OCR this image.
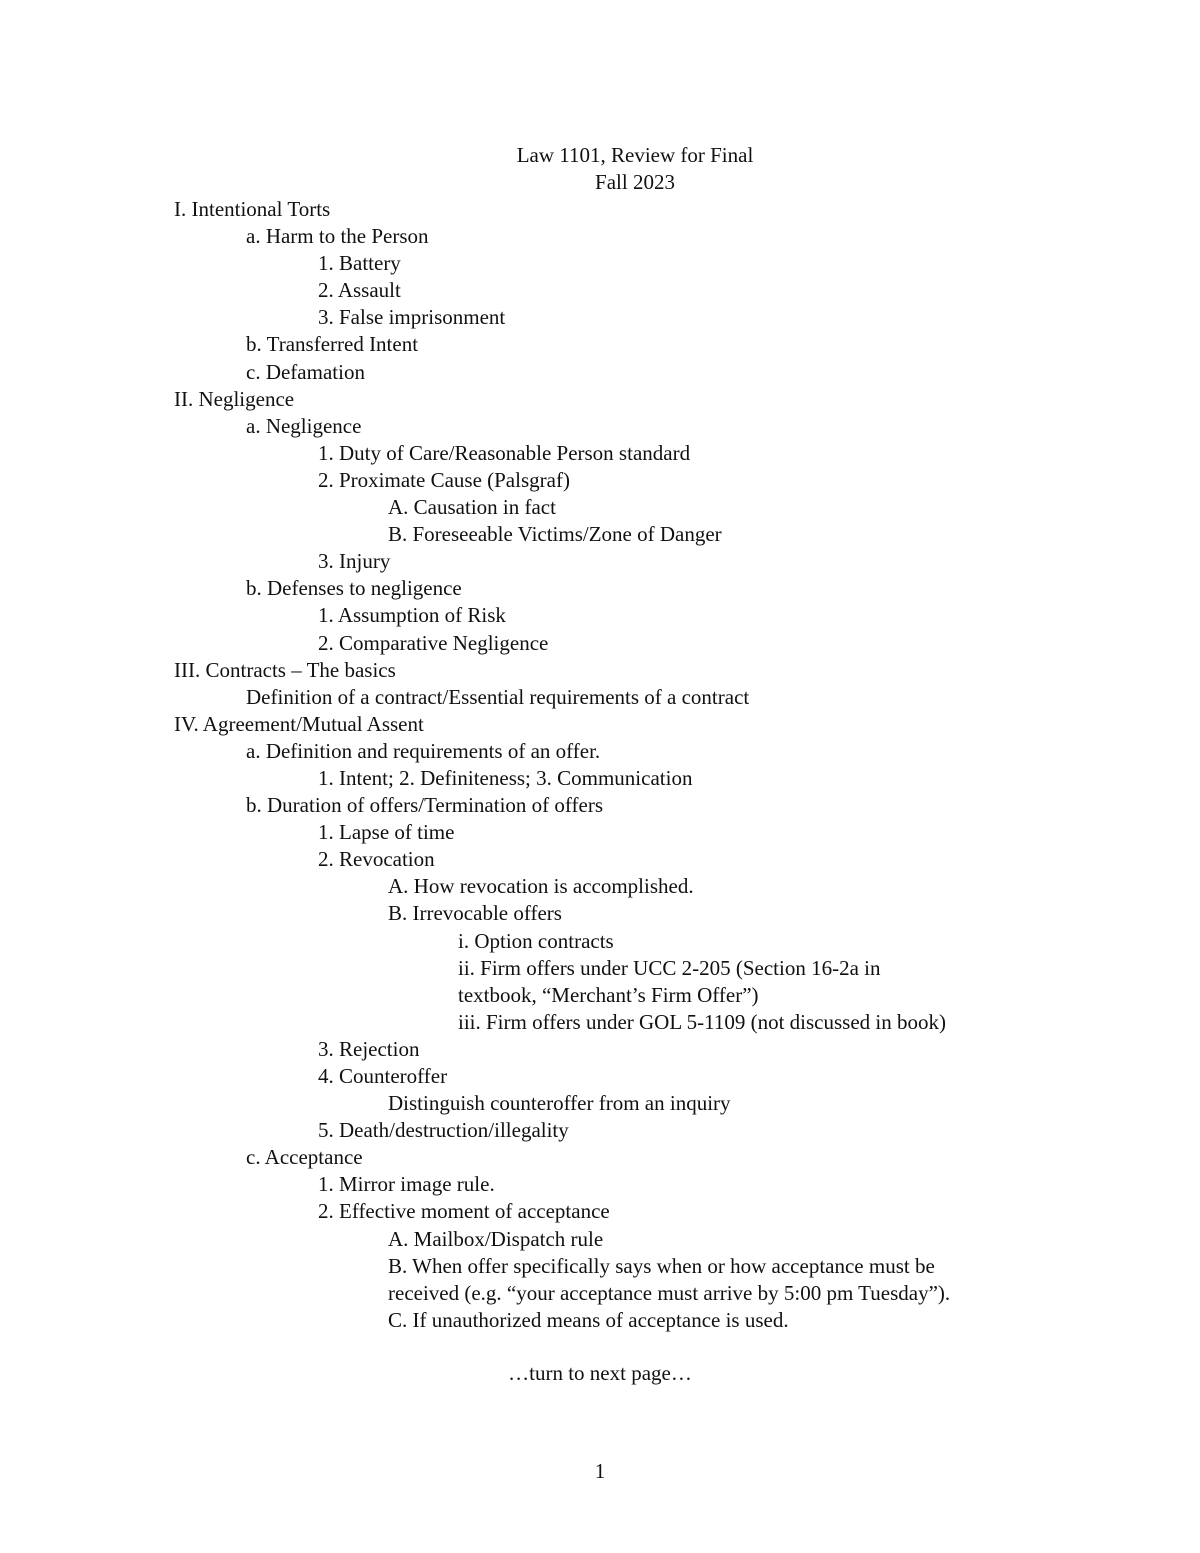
Law 1101, Review for Final
Fall 2023
I. Intentional Torts
a. Harm to the Person
1. Battery
2. Assault
3. False imprisonment
b. Transferred Intent
c. Defamation
II. Negligence
a. Negligence
1. Duty of Care/Reasonable Person standard
2. Proximate Cause (Palsgraf)
A. Causation in fact
B. Foreseeable Victims/Zone of Danger
3. Injury
b. Defenses to negligence
1. Assumption of Risk
2. Comparative Negligence
III. Contracts – The basics
Definition of a contract/Essential requirements of a contract
IV. Agreement/Mutual Assent
a. Definition and requirements of an offer.
1. Intent; 2. Definiteness; 3. Communication
b. Duration of offers/Termination of offers
1. Lapse of time
2. Revocation
A. How revocation is accomplished.
B. Irrevocable offers
i. Option contracts
ii. Firm offers under UCC 2-205 (Section 16-2a in
textbook, “Merchant’s Firm Offer”)
iii. Firm offers under GOL 5-1109 (not discussed in book)
3. Rejection
4. Counteroffer
Distinguish counteroffer from an inquiry
5. Death/destruction/illegality
c. Acceptance
1. Mirror image rule.
2. Effective moment of acceptance
A. Mailbox/Dispatch rule
B. When offer specifically says when or how acceptance must be
received (e.g. “your acceptance must arrive by 5:00 pm Tuesday”).
C. If unauthorized means of acceptance is used.
…turn to next page…
1
